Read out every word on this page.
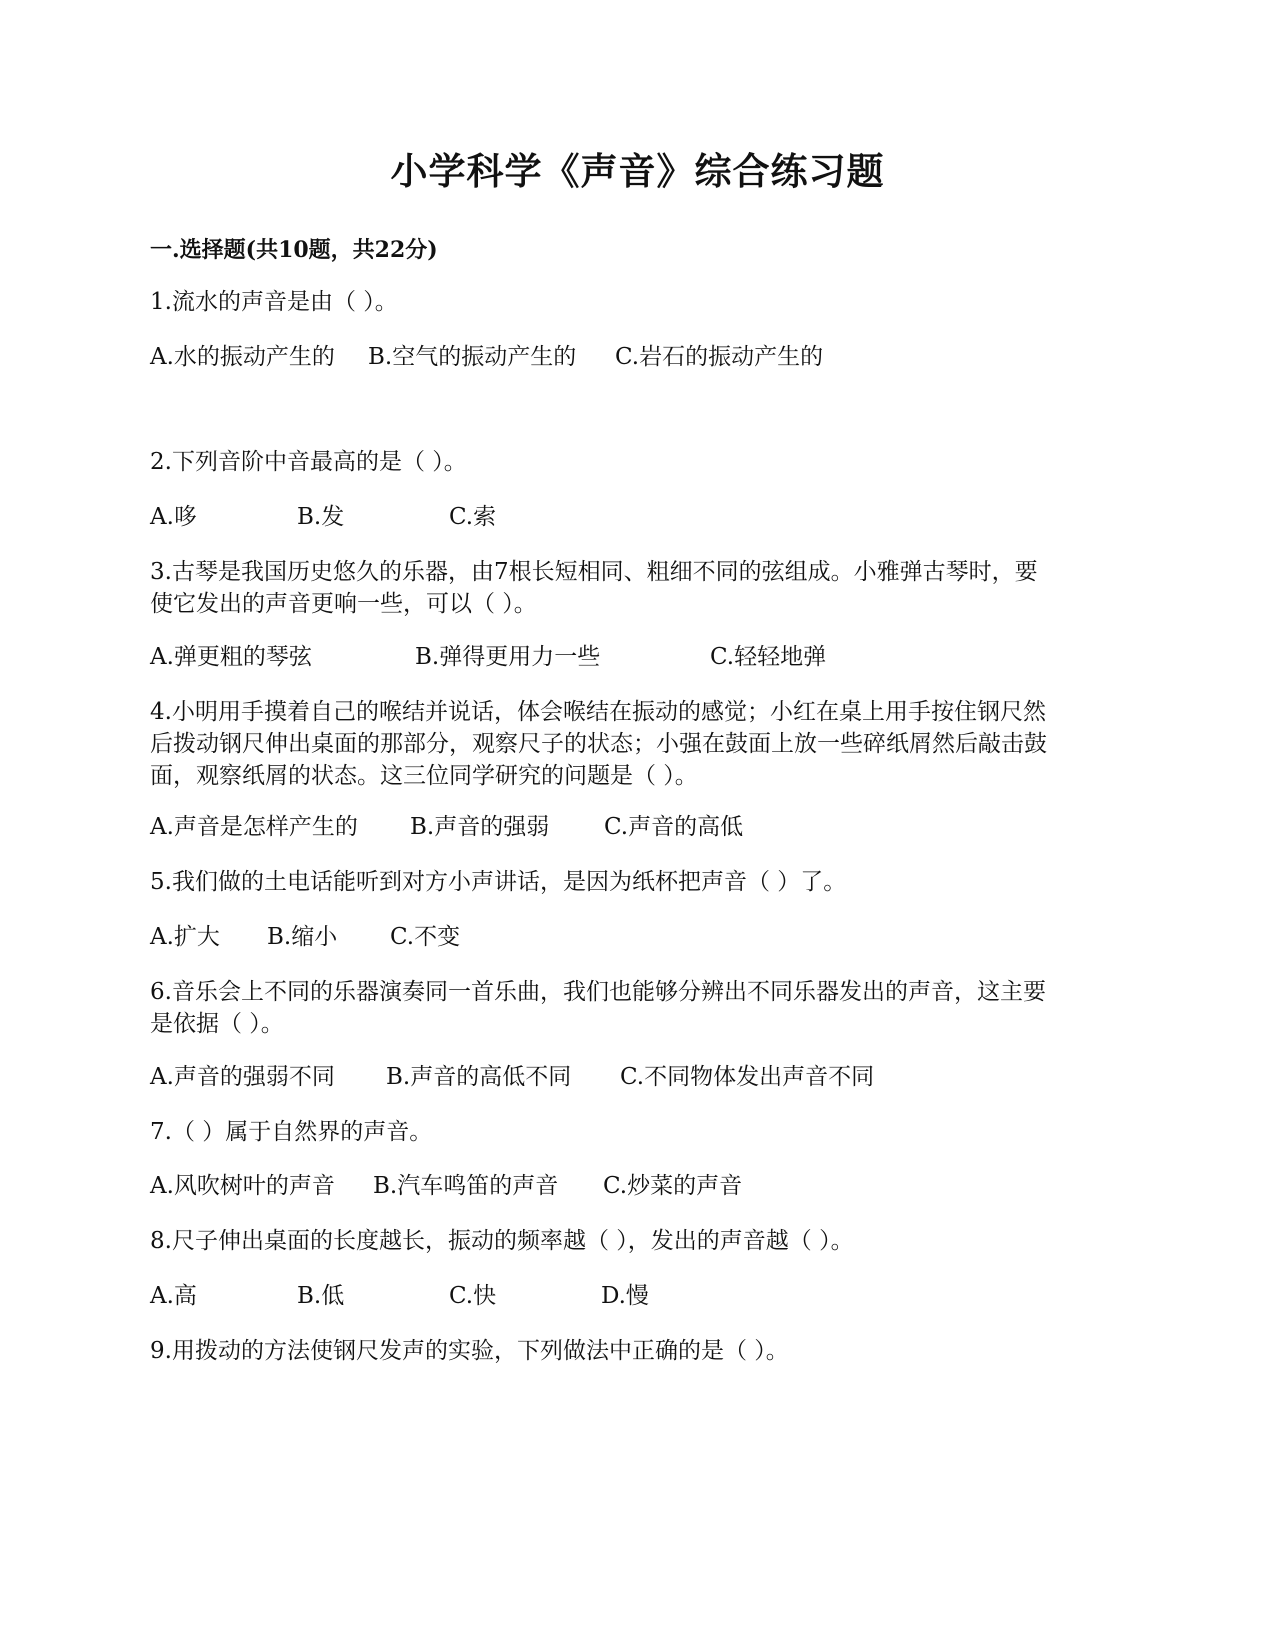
小学科学《声音》综合练习题
一.选择题(共10题，共22分)
1.流水的声音是由（ ）。
A.水的振动产生的 B.空气的振动产生的 C.岩石的振动产生的
2.下列音阶中音最高的是（ ）。
A.哆	B.发	C.索
3.古琴是我国历史悠久的乐器，由7根长短相同、粗细不同的弦组成。小雅弹古琴时，要
使它发出的声音更响一些，可以（ ）。
A.弹更粗的琴弦	B.弹得更用力一些	C.轻轻地弹
4.小明用手摸着自己的喉结并说话，体会喉结在振动的感觉；小红在桌上用手按住钢尺然
后拨动钢尺伸出桌面的那部分，观察尺子的状态；小强在鼓面上放一些碎纸屑然后敲击鼓
面，观察纸屑的状态。这三位同学研究的问题是（ ）。
A.声音是怎样产生的 B.声音的强弱 C.声音的高低
5.我们做的土电话能听到对方小声讲话，是因为纸杯把声音（ ）了。
A.扩大 B.缩小 C.不变
6.音乐会上不同的乐器演奏同一首乐曲，我们也能够分辨出不同乐器发出的声音，这主要
是依据（ ）。
A.声音的强弱不同 B.声音的高低不同 C.不同物体发出声音不同
7.（ ）属于自然界的声音。
A.风吹树叶的声音 B.汽车鸣笛的声音 C.炒菜的声音
8.尺子伸出桌面的长度越长，振动的频率越（ ），发出的声音越（ ）。
A.高	B.低	C.快	D.慢
9.用拨动的方法使钢尺发声的实验，下列做法中正确的是（ ）。
